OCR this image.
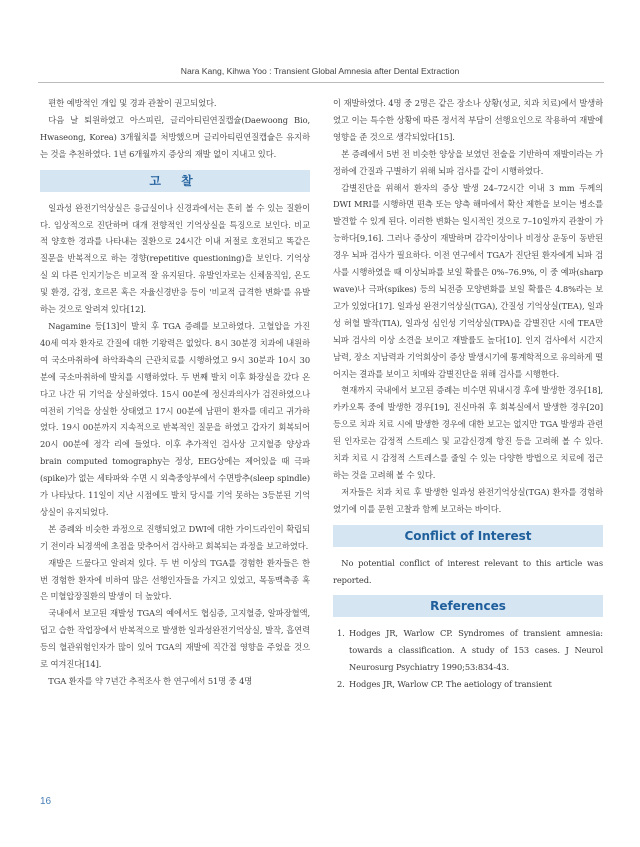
Nara Kang, Kihwa Yoo : Transient Global Amnesia after Dental Extraction

편한 예방적인 개입 및 경과 관찰이 권고되었다.

다음 날 퇴원하였고 아스피린, 글리아티린연질캡슐(Daewoong Bio, Hwaseong, Korea) 3개월치를 처방했으며 글리아티린연질캡슐은 유지하는 것을 추천하였다. 1년 6개월까지 증상의 재발 없이 지내고 있다.

고 찰

일과성 완전기억상실은 응급실이나 신경과에서는 흔히 볼 수 있는 질환이다. 임상적으로 진단하며 대개 전향적인 기억상실을 특징으로 보인다. 비교적 양호한 경과를 나타내는 질환으로 24시간 이내 저절로 호전되고 똑같은 질문을 반복적으로 하는 경향(repetitive questioning)을 보인다. 기억상실 외 다른 인지기능은 비교적 잘 유지된다. 유발인자로는 신체움직임, 온도 및 환경, 감정, 호르몬 혹은 자율신경반응 등이 '비교적 급격한 변화'를 유발하는 것으로 알려져 있다[12].

Nagamine 등[13]이 발치 후 TGA 증례를 보고하였다. 고혈압을 가진 40세 여자 환자로 간질에 대한 기왕력은 없었다. 8시 30분경 치과에 내원하여 국소마취하에 하악좌측의 근관치료를 시행하였고 9시 30분과 10시 30분에 국소마취하에 발치를 시행하였다. 두 번째 발치 이후 화장실을 갔다 온다고 나간 뒤 기억을 상실하였다. 15시 00분에 정신과의사가 검진하였으나 여전히 기억을 상실한 상태였고 17시 00분에 남편이 환자를 데리고 귀가하였다. 19시 00분까지 지속적으로 반복적인 질문을 하였고 갑자기 회복되어 20시 00분에 정각 리에 들었다. 이후 추가적인 검사상 고지혈증 양상과 brain computed tomography는 정상, EEG상에는 제어있을 때 극파(spike)가 없는 세타파와 수면 시 외측중앙부에서 수면방추(sleep spindle)가 나타났다. 11일이 지난 시점에도 발치 당시를 기억 못하는 3등분된 기억상실이 유지되었다.

본 증례와 비슷한 과정으로 진행되었고 DWI에 대한 가이드라인이 확립되기 전이라 뇌경색에 초점을 맞추어서 검사하고 회복되는 과정을 보고하였다.

재발은 드물다고 알려져 있다. 두 번 이상의 TGA를 경험한 환자들은 한 번 경험한 환자에 비하여 많은 선행인자들을 가지고 있었고, 목동맥축종 혹은 미혈압장질환의 발생이 더 높았다.

국내에서 보고된 재발성 TGA의 예에서도 협심증, 고지혈증, 알파장혈액, 덥고 습한 작업장에서 반복적으로 발생한 일과성완전기억상실, 발작, 흡연력 등의 혈관위험인자가 많이 있어 TGA의 재발에 직간접 영향을 주었을 것으로 여겨진다[14].

TGA 환자를 약 7년간 추적조사 한 연구에서 51명 중 4명

이 재발하였다. 4명 중 2명은 같은 장소나 상황(성교, 치과 치료)에서 발생하였고 이는 특수한 상황에 따른 정서적 부담이 선행요인으로 작용하여 재발에 영향을 준 것으로 생각되었다[15].

본 증례에서 5번 전 비슷한 양상을 보였던 전술을 기반하여 재발이라는 가정하에 간질과 구별하기 위해 뇌파 검사를 같이 시행하였다.

감별진단을 위해서 환자의 증상 발생 24–72시간 이내 3 mm 두께의 DWI MRI를 시행하면 편측 또는 양측 해마에서 확산 제한을 보이는 병소를 발견할 수 있게 된다. 이러한 변화는 일시적인 것으로 7–10일까지 관찰이 가능하다[9,16]. 그러나 증상이 재발하며 감각이상이나 비정상 운동이 동반된 경우 뇌파 검사가 필요하다. 이전 연구에서 TGA가 진단된 환자에게 뇌파 검사를 시행하였을 때 이상뇌파를 보일 확률은 0%–76.9%, 이 중 예파(sharp wave)나 극파(spikes) 등의 뇌전증 모양변화를 보일 확률은 4.8%라는 보고가 있었다[17]. 일과성 완전기억상실(TGA), 간질성 기억상실(TEA), 일과성 허혈 발작(TIA), 일과성 심인성 기억상실(TPA)을 감별진단 시에 TEA만 뇌파 검사의 이상 소견을 보이고 재발률도 높다[10]. 인지 검사에서 시간지남력, 장소 지남력과 기억회상이 증상 발생시기에 통계학적으로 유의하게 떨어지는 결과를 보이고 치매와 감별진단을 위해 검사를 시행한다.

현재까지 국내에서 보고된 증례는 비수면 뭐내시경 후에 발생한 경우[18], 카카오톡 중에 발생한 경우[19], 진신마취 후 회복실에서 발생한 경우[20] 등으로 치과 치료 시에 발생한 경우에 대한 보고는 없지만 TGA 발생과 관련된 인자로는 감정적 스트레스 및 교감신경계 항진 등을 고려해 볼 수 있다. 치과 치료 시 감정적 스트레스를 줄일 수 있는 다양한 방법으로 치료에 접근하는 것을 고려해 볼 수 있다.

저자들은 치과 치료 후 발생한 일과성 완전기억상실(TGA) 환자를 경험하였기에 이를 문헌 고찰과 함께 보고하는 바이다.

Conflict of Interest

No potential conflict of interest relevant to this article was reported.

References
1. Hodges JR, Warlow CP. Syndromes of transient amnesia: towards a classification. A study of 153 cases. J Neurol Neurosurg Psychiatry 1990;53:834-43.
2. Hodges JR, Warlow CP. The aetiology of transient
16
